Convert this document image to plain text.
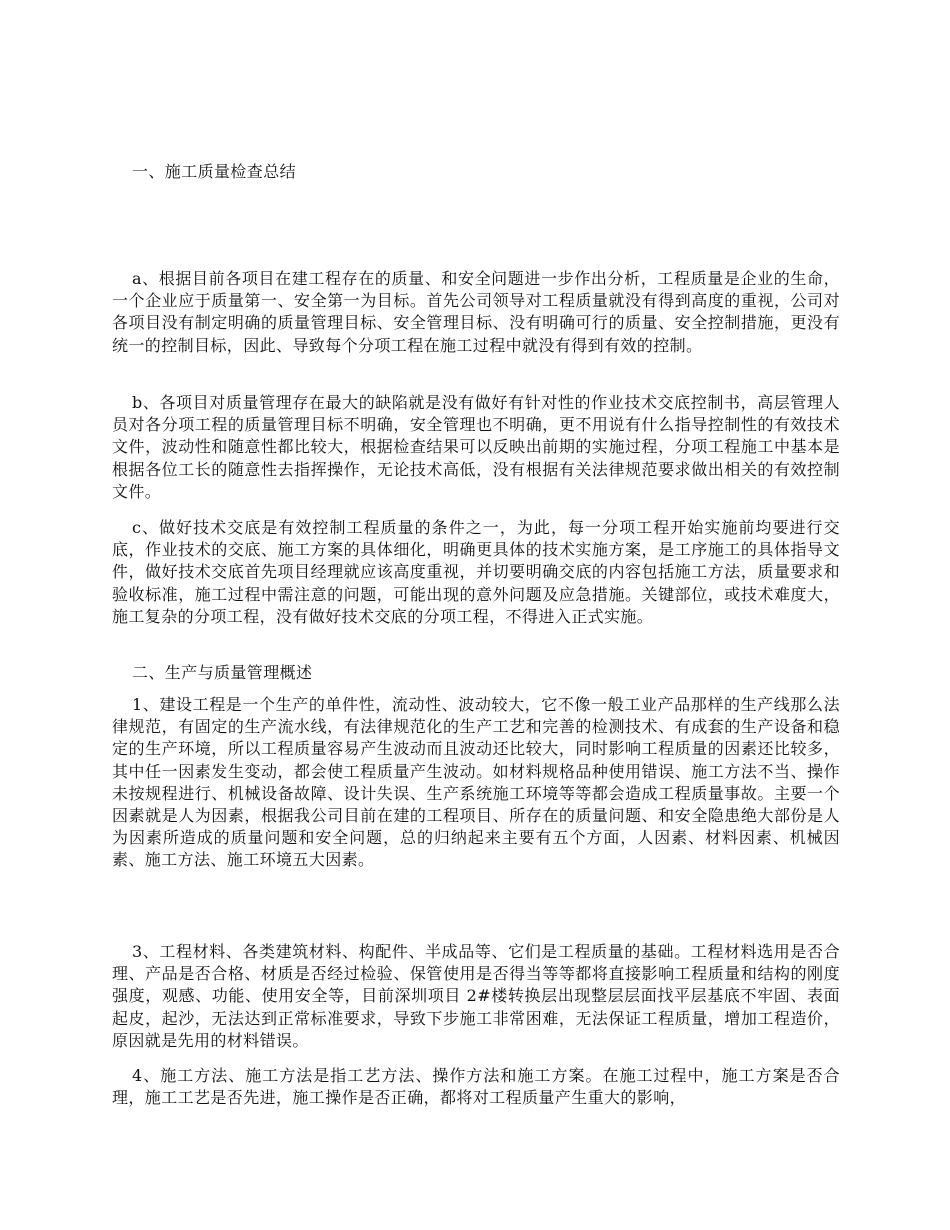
一、施工质量检查总结

a、根据目前各项目在建工程存在的质量、和安全问题进一步作出分析，工程质量是企业的生命，一个企业应于质量第一、安全第一为目标。首先公司领导对工程质量就没有得到高度的重视，公司对各项目没有制定明确的质量管理目标、安全管理目标、没有明确可行的质量、安全控制措施，更没有统一的控制目标，因此、导致每个分项工程在施工过程中就没有得到有效的控制。

b、各项目对质量管理存在最大的缺陷就是没有做好有针对性的作业技术交底控制书，高层管理人员对各分项工程的质量管理目标不明确，安全管理也不明确，更不用说有什么指导控制性的有效技术文件，波动性和随意性都比较大，根据检查结果可以反映出前期的实施过程，分项工程施工中基本是根据各位工长的随意性去指挥操作，无论技术高低，没有根据有关法律规范要求做出相关的有效控制文件。

c、做好技术交底是有效控制工程质量的条件之一，为此，每一分项工程开始实施前均要进行交底，作业技术的交底、施工方案的具体细化，明确更具体的技术实施方案，是工序施工的具体指导文件，做好技术交底首先项目经理就应该高度重视，并切要明确交底的内容包括施工方法，质量要求和验收标准，施工过程中需注意的问题，可能出现的意外问题及应急措施。关键部位，或技术难度大，施工复杂的分项工程，没有做好技术交底的分项工程，不得进入正式实施。

二、生产与质量管理概述

1、建设工程是一个生产的单件性，流动性、波动较大，它不像一般工业产品那样的生产线那么法律规范，有固定的生产流水线，有法律规范化的生产工艺和完善的检测技术、有成套的生产设备和稳定的生产环境，所以工程质量容易产生波动而且波动还比较大，同时影响工程质量的因素还比较多，其中任一因素发生变动，都会使工程质量产生波动。如材料规格品种使用错误、施工方法不当、操作未按规程进行、机械设备故障、设计失误、生产系统施工环境等等都会造成工程质量事故。主要一个因素就是人为因素，根据我公司目前在建的工程项目、所存在的质量问题、和安全隐患绝大部份是人为因素所造成的质量问题和安全问题，总的归纳起来主要有五个方面，人因素、材料因素、机械因素、施工方法、施工环境五大因素。

3、工程材料、各类建筑材料、构配件、半成品等、它们是工程质量的基础。工程材料选用是否合理、产品是否合格、材质是否经过检验、保管使用是否得当等等都将直接影响工程质量和结构的刚度强度，观感、功能、使用安全等，目前深圳项目 2#楼转换层出现整层层面找平层基底不牢固、表面起皮，起沙，无法达到正常标准要求，导致下步施工非常困难，无法保证工程质量，增加工程造价，原因就是先用的材料错误。

4、施工方法、施工方法是指工艺方法、操作方法和施工方案。在施工过程中，施工方案是否合理，施工工艺是否先进，施工操作是否正确，都将对工程质量产生重大的影响，
